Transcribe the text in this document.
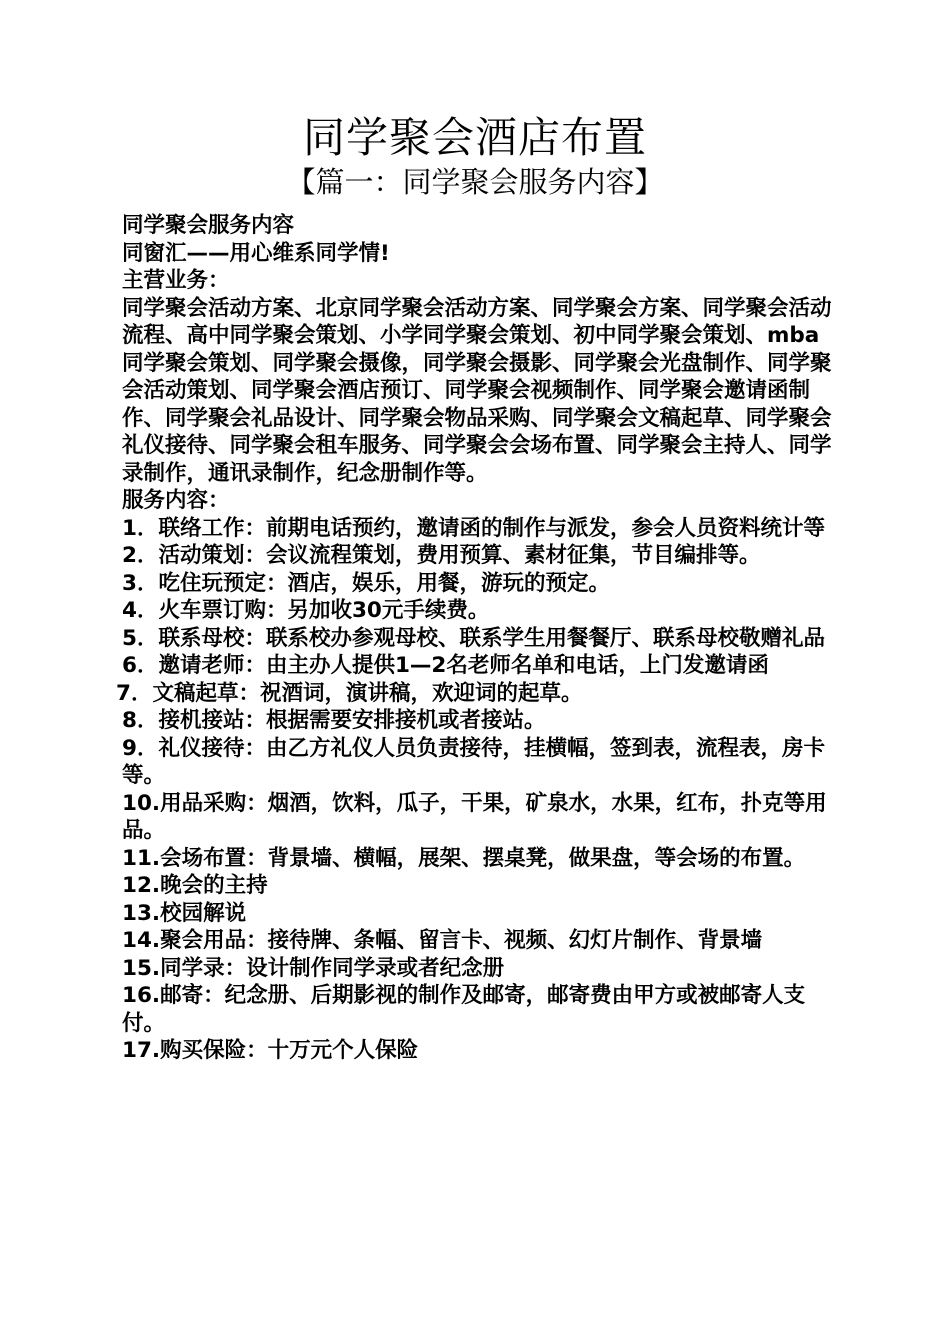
同学聚会酒店布置
【篇一：同学聚会服务内容】

同学聚会服务内容

同窗汇——用心维系同学情!

主营业务：

同学聚会活动方案、北京同学聚会活动方案、同学聚会方案、同学聚会活动流程、高中同学聚会策划、小学同学聚会策划、初中同学聚会策划、mba同学聚会策划、同学聚会摄像，同学聚会摄影、同学聚会光盘制作、同学聚会活动策划、同学聚会酒店预订、同学聚会视频制作、同学聚会邀请函制作、同学聚会礼品设计、同学聚会物品采购、同学聚会文稿起草、同学聚会礼仪接待、同学聚会租车服务、同学聚会会场布置、同学聚会主持人、同学录制作，通讯录制作，纪念册制作等。

服务内容：

1．联络工作：前期电话预约，邀请函的制作与派发，参会人员资料统计等

2．活动策划：会议流程策划，费用预算、素材征集，节目编排等。

3．吃住玩预定：酒店，娱乐，用餐，游玩的预定。

4．火车票订购：另加收30元手续费。

5．联系母校：联系校办参观母校、联系学生用餐餐厅、联系母校敬赠礼品

6．邀请老师：由主办人提供1—2名老师名单和电话，上门发邀请函

7．文稿起草：祝酒词，演讲稿，欢迎词的起草。

8．接机接站：根据需要安排接机或者接站。

9．礼仪接待：由乙方礼仪人员负责接待，挂横幅，签到表，流程表，房卡等。

10.用品采购：烟酒，饮料，瓜子，干果，矿泉水，水果，红布，扑克等用品。

11.会场布置：背景墙、横幅，展架、摆桌凳，做果盘，等会场的布置。

12.晚会的主持

13.校园解说

14.聚会用品：接待牌、条幅、留言卡、视频、幻灯片制作、背景墙

15.同学录：设计制作同学录或者纪念册

16.邮寄：纪念册、后期影视的制作及邮寄，邮寄费由甲方或被邮寄人支付。

17.购买保险：十万元个人保险
